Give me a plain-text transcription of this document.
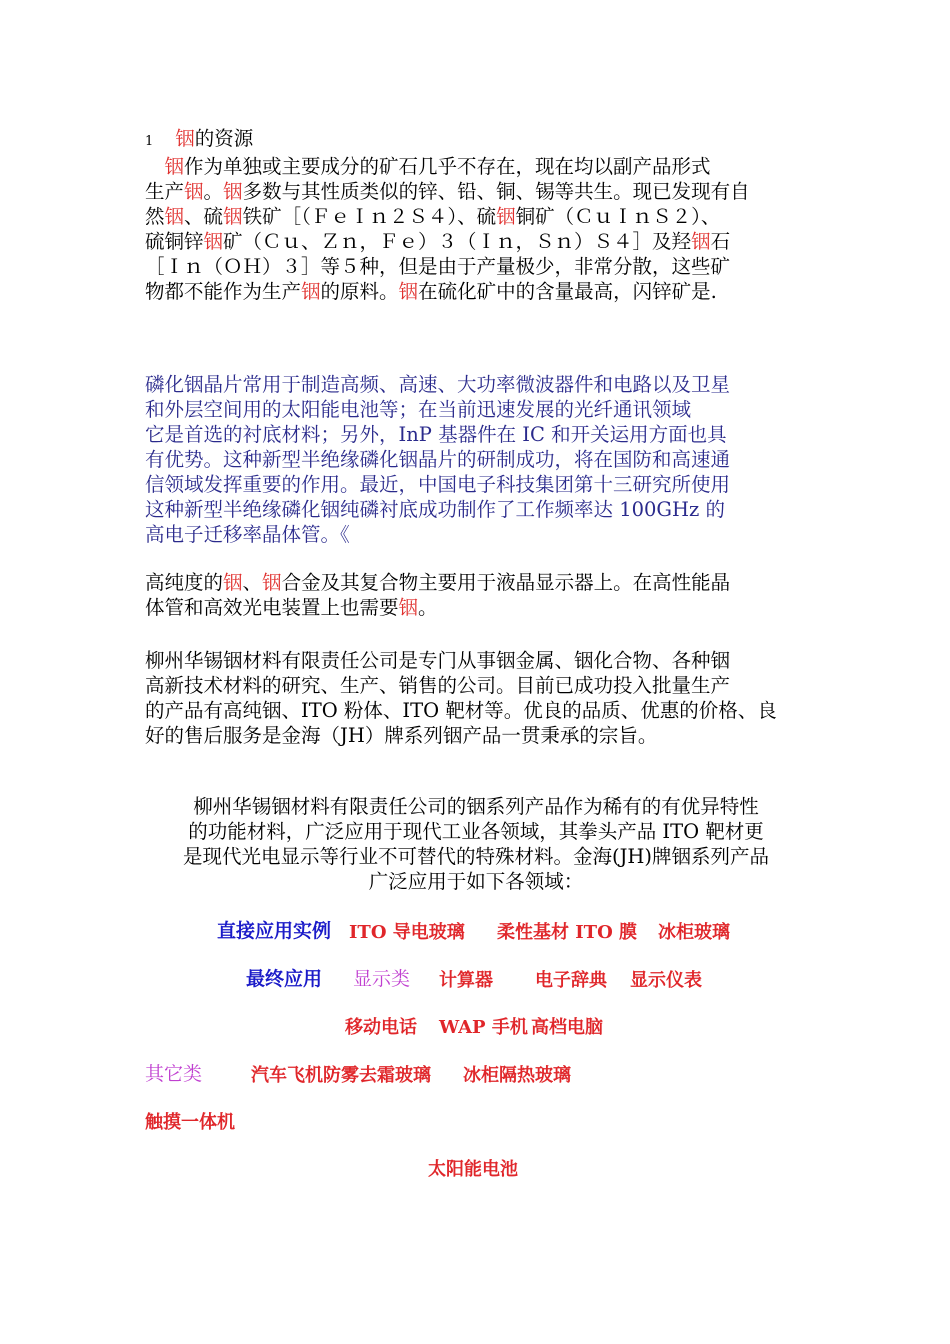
1 铟的资源
　铟作为单独或主要成分的矿石几乎不存在，现在均以副产品形式
生产铟。铟多数与其性质类似的锌、铅、铜、锡等共生。现已发现有自
然铟、硫铟铁矿［（ＦｅＩｎ２Ｓ４）、硫铟铜矿（ＣｕＩｎＳ２）、
硫铜锌铟矿（Ｃｕ、Ｚｎ，Ｆｅ）３（Ｉｎ，Ｓｎ）Ｓ４］及羟铟石
［Ｉｎ（ＯＨ）３］等５种，但是由于产量极少，非常分散，这些矿
物都不能作为生产铟的原料。铟在硫化矿中的含量最高，闪锌矿是.
磷化铟晶片常用于制造高频、高速、大功率微波器件和电路以及卫星
和外层空间用的太阳能电池等；在当前迅速发展的光纤通讯领域
它是首选的衬底材料；另外，InP 基器件在 IC 和开关运用方面也具
有优势。这种新型半绝缘磷化铟晶片的研制成功，将在国防和高速通
信领域发挥重要的作用。最近，中国电子科技集团第十三研究所使用
这种新型半绝缘磷化铟纯磷衬底成功制作了工作频率达 100GHz 的
高电子迁移率晶体管。《
高纯度的铟、铟合金及其复合物主要用于液晶显示器上。在高性能晶
体管和高效光电装置上也需要铟。
柳州华锡铟材料有限责任公司是专门从事铟金属、铟化合物、各种铟
高新技术材料的研究、生产、销售的公司。目前已成功投入批量生产
的产品有高纯铟、ITO 粉体、ITO 靶材等。优良的品质、优惠的价格、良
好的售后服务是金海（JH）牌系列铟产品一贯秉承的宗旨。
柳州华锡铟材料有限责任公司的铟系列产品作为稀有的有优异特性
的功能材料，广泛应用于现代工业各领域，其拳头产品 ITO 靶材更
是现代光电显示等行业不可替代的特殊材料。金海(JH)牌铟系列产品
广泛应用于如下各领域：
直接应用实例 ITO 导电玻璃 柔性基材 ITO 膜 冰柜玻璃
最终应用 显示类 计算器 电子辞典 显示仪表
移动电话 WAP 手机 高档电脑
其它类	汽车飞机防雾去霜玻璃 冰柜隔热玻璃
触摸一体机
太阳能电池
